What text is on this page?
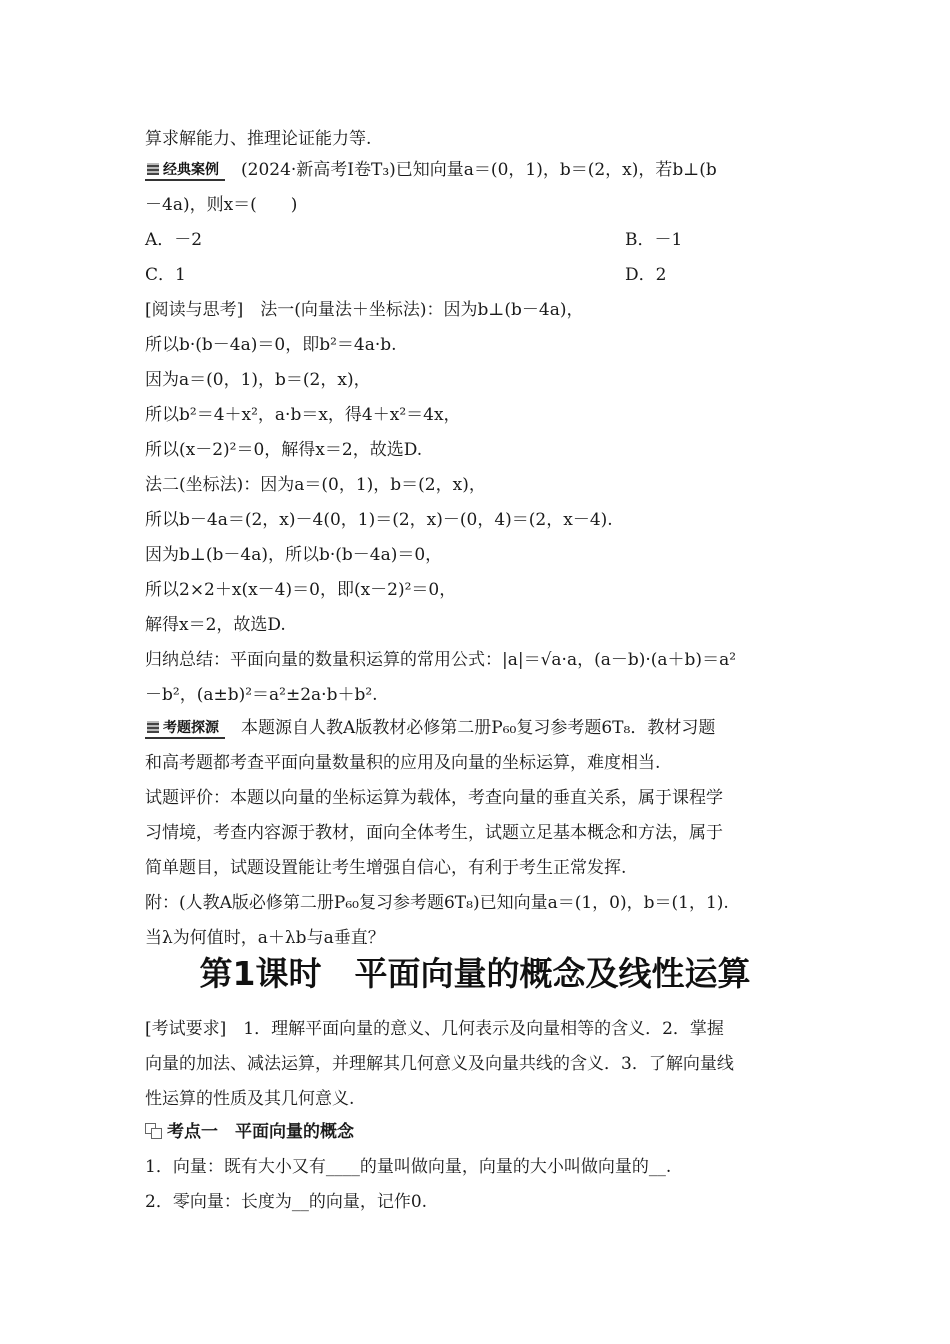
算求解能力、推理论证能力等.
经典案例 (2024·新高考Ⅰ卷T₃)已知向量a＝(0，1)，b＝(2，x)，若b⊥(b
－4a)，则x＝(　　)
A．－2	B．－1
C．1	D．2
[阅读与思考]　法一(向量法＋坐标法)：因为b⊥(b－4a)，
所以b·(b－4a)＝0，即b²＝4a·b.
因为a＝(0，1)，b＝(2，x)，
所以b²＝4＋x²，a·b＝x，得4＋x²＝4x，
所以(x－2)²＝0，解得x＝2，故选D.
法二(坐标法)：因为a＝(0，1)，b＝(2，x)，
所以b－4a＝(2，x)－4(0，1)＝(2，x)－(0，4)＝(2，x－4).
因为b⊥(b－4a)，所以b·(b－4a)＝0，
所以2×2＋x(x－4)＝0，即(x－2)²＝0，
解得x＝2，故选D.
归纳总结：平面向量的数量积运算的常用公式：|a|＝√a·a，(a－b)·(a＋b)＝a²
－b²，(a±b)²＝a²±2a·b＋b².
考题探源 本题源自人教A版教材必修第二册P₆₀复习参考题6T₈．教材习题
和高考题都考查平面向量数量积的应用及向量的坐标运算，难度相当.
试题评价：本题以向量的坐标运算为载体，考查向量的垂直关系，属于课程学
习情境，考查内容源于教材，面向全体考生，试题立足基本概念和方法，属于
简单题目，试题设置能让考生增强自信心，有利于考生正常发挥.
附：(人教A版必修第二册P₆₀复习参考题6T₈)已知向量a＝(1，0)，b＝(1，1).
当λ为何值时，a＋λb与a垂直？
第1课时　平面向量的概念及线性运算
[考试要求]　1．理解平面向量的意义、几何表示及向量相等的含义．2．掌握
向量的加法、减法运算，并理解其几何意义及向量共线的含义．3．了解向量线
性运算的性质及其几何意义.
考点一　平面向量的概念
1．向量：既有大小又有____的量叫做向量，向量的大小叫做向量的__.
2．零向量：长度为__的向量，记作0.
